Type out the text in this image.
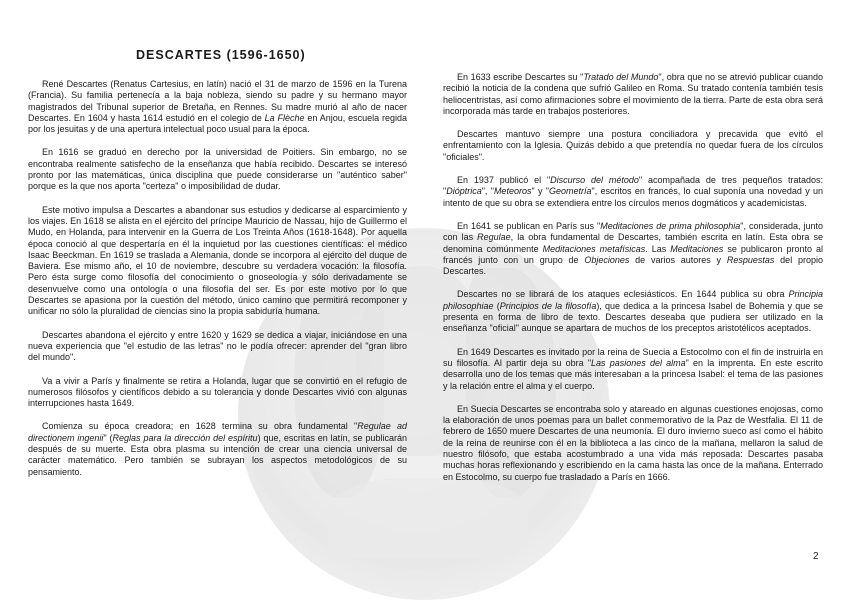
DESCARTES (1596-1650)

René Descartes (Renatus Cartesius, en latín) nació el 31 de marzo de 1596 en la Turena (Francia). Su familia pertenecía a la baja nobleza, siendo su padre y su hermano mayor magistrados del Tribunal superior de Bretaña, en Rennes. Su madre murió al año de nacer Descartes. En 1604 y hasta 1614 estudió en el colegio de La Flèche en Anjou, escuela regida por los jesuitas y de una apertura intelectual poco usual para la época.

En 1616 se graduó en derecho por la universidad de Poitiers. Sin embargo, no se encontraba realmente satisfecho de la enseñanza que había recibido. Descartes se interesó pronto por las matemáticas, única disciplina que puede considerarse un "auténtico saber" porque es la que nos aporta "certeza" o imposibilidad de dudar.

Este motivo impulsa a Descartes a abandonar sus estudios y dedicarse al esparcimiento y los viajes. En 1618 se alista en el ejército del príncipe Mauricio de Nassau, hijo de Guillermo el Mudo, en Holanda, para intervenir en la Guerra de Los Treinta Años (1618-1648). Por aquella época conoció al que despertaría en él la inquietud por las cuestiones científicas: el médico Isaac Beeckman. En 1619 se traslada a Alemania, donde se incorpora al ejército del duque de Baviera. Ese mismo año, el 10 de noviembre, descubre su verdadera vocación: la filosofía. Pero ésta surge como filosofía del conocimiento o gnoseología y sólo derivadamente se desenvuelve como una ontología o una filosofía del ser. Es por este motivo por lo que Descartes se apasiona por la cuestión del método, único camino que permitirá recomponer y unificar no sólo la pluralidad de ciencias sino la propia sabiduría humana.

Descartes abandona el ejército y entre 1620 y 1629 se dedica a viajar, iniciándose en una nueva experiencia que "el estudio de las letras" no le podía ofrecer: aprender del "gran libro del mundo".

Va a vivir a París y finalmente se retira a Holanda, lugar que se convirtió en el refugio de numerosos filósofos y científicos debido a su tolerancia y donde Descartes vivió con algunas interrupciones hasta 1649.

Comienza su época creadora; en 1628 termina su obra fundamental "Regulae ad directionem ingenii" (Reglas para la dirección del espíritu) que, escritas en latín, se publicarán después de su muerte. Esta obra plasma su intención de crear una ciencia universal de carácter matemático. Pero también se subrayan los aspectos metodológicos de su pensamiento.

En 1633 escribe Descartes su "Tratado del Mundo", obra que no se atrevió publicar cuando recibió la noticia de la condena que sufrió Galileo en Roma. Su tratado contenía también tesis heliocentristas, así como afirmaciones sobre el movimiento de la tierra. Parte de esta obra será incorporada más tarde en trabajos posteriores.

Descartes mantuvo siempre una postura conciliadora y precavida que evitó el enfrentamiento con la Iglesia. Quizás debido a que pretendía no quedar fuera de los círculos "oficiales".

En 1937 publicó el "Discurso del método" acompañada de tres pequeños tratados: "Dióptrica", "Meteoros" y "Geometría", escritos en francés, lo cual suponía una novedad y un intento de que su obra se extendiera entre los círculos menos dogmáticos y academicistas.

En 1641 se publican en París sus "Meditaciones de prima philosophia", considerada, junto con las Regulae, la obra fundamental de Descartes, también escrita en latín. Esta obra se denomina comúnmente Meditaciones metafísicas. Las Meditaciones se publicaron pronto al francés junto con un grupo de Objeciones de varios autores y Respuestas del propio Descartes.

Descartes no se librará de los ataques eclesiásticos. En 1644 publica su obra Principia philosophiae (Principios de la filosofía), que dedica a la princesa Isabel de Bohemia y que se presenta en forma de libro de texto. Descartes deseaba que pudiera ser utilizado en la enseñanza "oficial" aunque se apartara de muchos de los preceptos aristotélicos aceptados.

En 1649 Descartes es invitado por la reina de Suecia a Estocolmo con el fin de instruirla en su filosofía. Al partir deja su obra "Las pasiones del alma" en la imprenta. En este escrito desarrolla uno de los temas que más interesaban a la princesa Isabel: el tema de las pasiones y la relación entre el alma y el cuerpo.

En Suecia Descartes se encontraba solo y atareado en algunas cuestiones enojosas, como la elaboración de unos poemas para un ballet conmemorativo de la Paz de Westfalia. El 11 de febrero de 1650 muere Descartes de una neumonía. El duro invierno sueco así como el hábito de la reina de reunirse con él en la biblioteca a las cinco de la mañana, mellaron la salud de nuestro filósofo, que estaba acostumbrado a una vida más reposada: Descartes pasaba muchas horas reflexionando y escribiendo en la cama hasta las once de la mañana. Enterrado en Estocolmo, su cuerpo fue trasladado a París en 1666.

2
